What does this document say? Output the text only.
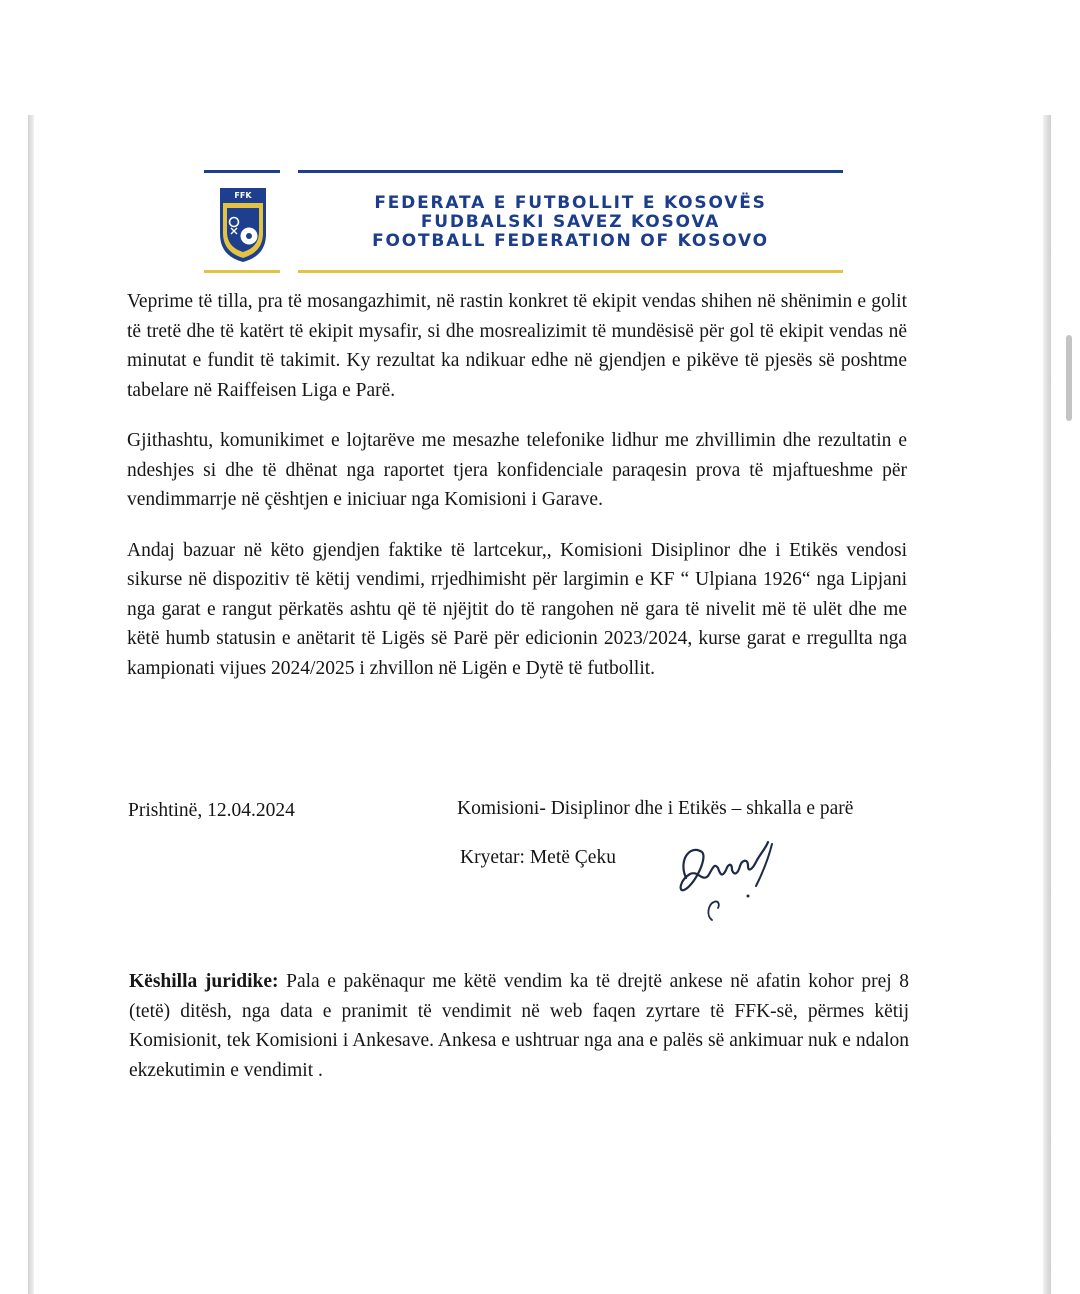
FFK	FEDERATA E FUTBOLLIT E KOSOVËS
FUDBALSKI SAVEZ KOSOVA
FOOTBALL FEDERATION OF KOSOVO

Veprime të tilla, pra të mosangazhimit, në rastin konkret të ekipit vendas shihen në shënimin e golit të tretë dhe të katërt të ekipit mysafir, si dhe mosrealizimit të mundësisë për gol të ekipit vendas në minutat e fundit të takimit. Ky rezultat ka ndikuar edhe në gjendjen e pikëve të pjesës së poshtme tabelare në Raiffeisen Liga e Parë.

Gjithashtu, komunikimet e lojtarëve me mesazhe telefonike lidhur me zhvillimin dhe rezultatin e ndeshjes si dhe të dhënat nga raportet tjera konfidenciale paraqesin prova të mjaftueshme për vendimmarrje në çështjen e iniciuar nga Komisioni i Garave.

Andaj bazuar në këto gjendjen faktike të lartcekur,, Komisioni Disiplinor dhe i Etikës vendosi sikurse në dispozitiv të këtij vendimi, rrjedhimisht për largimin e KF “ Ulpiana 1926“ nga Lipjani nga garat e rangut përkatës ashtu që të njëjtit do të rangohen në gara të nivelit më të ulët dhe me këtë humb statusin e anëtarit të Ligës së Parë për edicionin 2023/2024, kurse garat e rregullta nga kampionati vijues 2024/2025 i zhvillon në Ligën e Dytë të futbollit.

Prishtinë, 12.04.2024	Komisioni- Disiplinor dhe i Etikës – shkalla e parë
Kryetar: Metë Çeku
Këshilla juridike: Pala e pakënaqur me këtë vendim ka të drejtë ankese në afatin kohor prej 8 (tetë) ditësh, nga data e pranimit të vendimit në web faqen zyrtare të FFK-së, përmes këtij Komisionit, tek Komisioni i Ankesave. Ankesa e ushtruar nga ana e palës së ankimuar nuk e ndalon ekzekutimin e vendimit .
